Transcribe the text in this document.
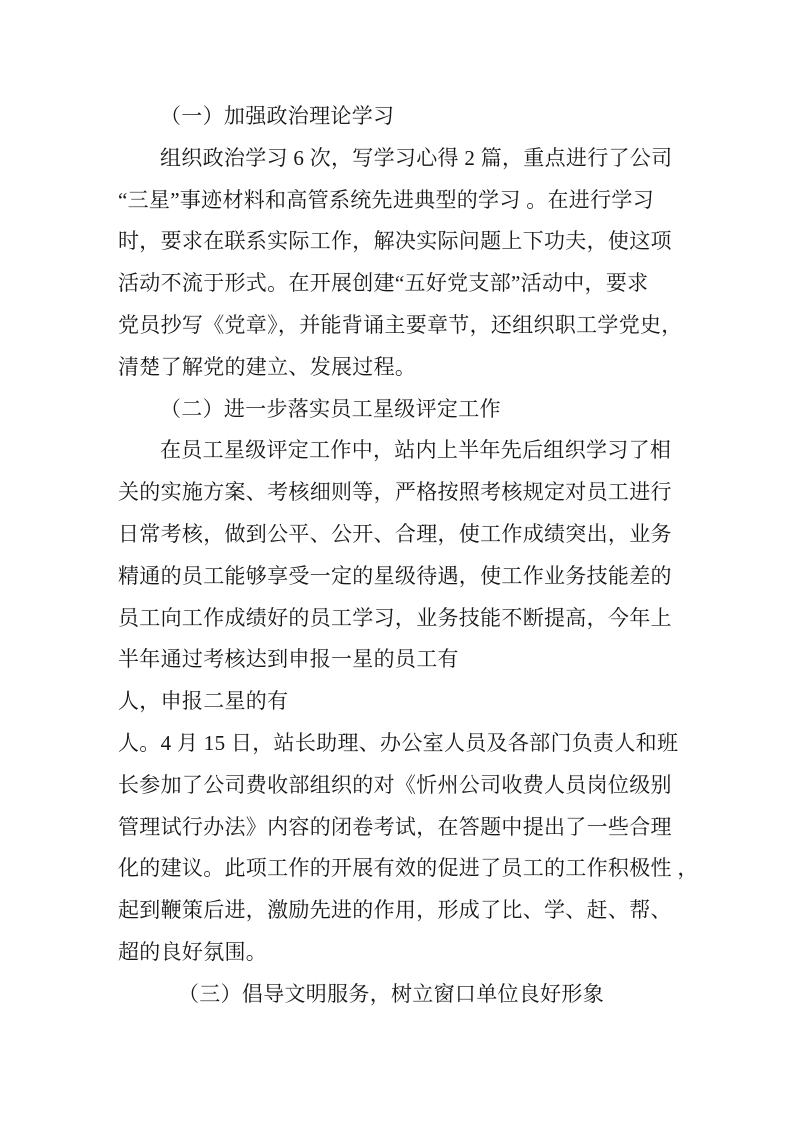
（一）加强政治理论学习
组织政治学习 6 次，写学习心得 2 篇，重点进行了公司
“三星”事迹材料和高管系统先进典型的学习 。在进行学习
时，要求在联系实际工作，解决实际问题上下功夫，使这项
活动不流于形式。在开展创建“五好党支部”活动中，要求
党员抄写《党章》，并能背诵主要章节，还组织职工学党史，
清楚了解党的建立、发展过程。
（二）进一步落实员工星级评定工作
在员工星级评定工作中，站内上半年先后组织学习了相
关的实施方案、考核细则等，严格按照考核规定对员工进行
日常考核，做到公平、公开、合理，使工作成绩突出，业务
精通的员工能够享受一定的星级待遇，使工作业务技能差的
员工向工作成绩好的员工学习，业务技能不断提高，今年上
半年通过考核达到申报一星的员工有
人，申报二星的有
人。4 月 15 日，站长助理、办公室人员及各部门负责人和班
长参加了公司费收部组织的对《忻州公司收费人员岗位级别
管理试行办法》内容的闭卷考试，在答题中提出了一些合理
化的建议。此项工作的开展有效的促进了员工的工作积极性 ，
起到鞭策后进，激励先进的作用，形成了比、学、赶、帮、
超的良好氛围。
（三）倡导文明服务，树立窗口单位良好形象
